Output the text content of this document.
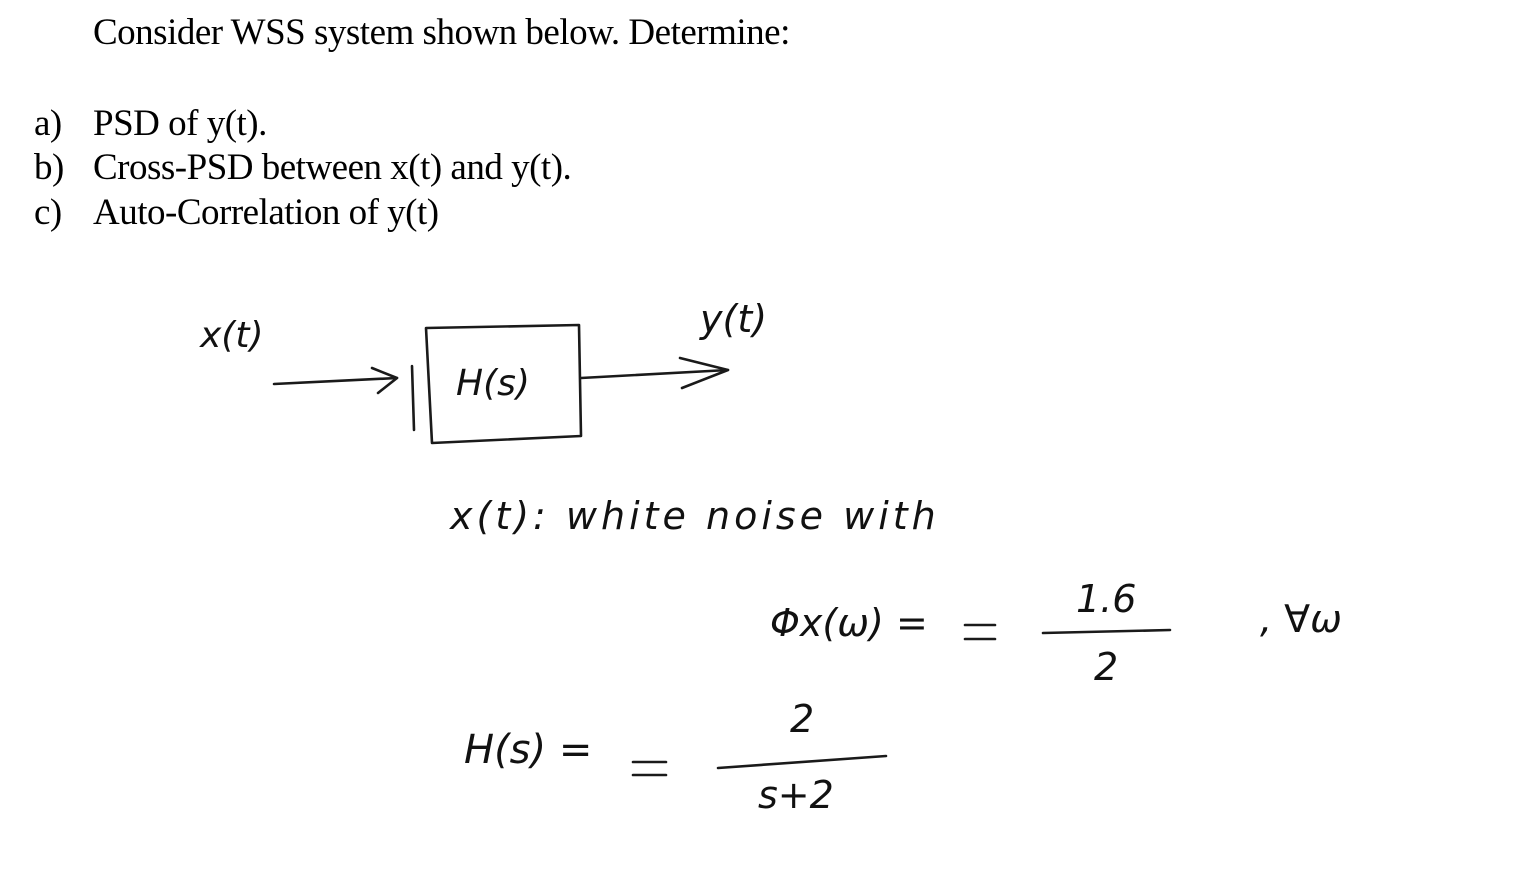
Consider WSS system shown below. Determine:
a) PSD of y(t).
b) Cross-PSD between x(t) and y(t).
c) Auto-Correlation of y(t)
x(t)
H(s)
y(t)
x(t): white noise with
Φx(ω) =
1.6
2
, ∀ω
H(s) =
2
s+2
